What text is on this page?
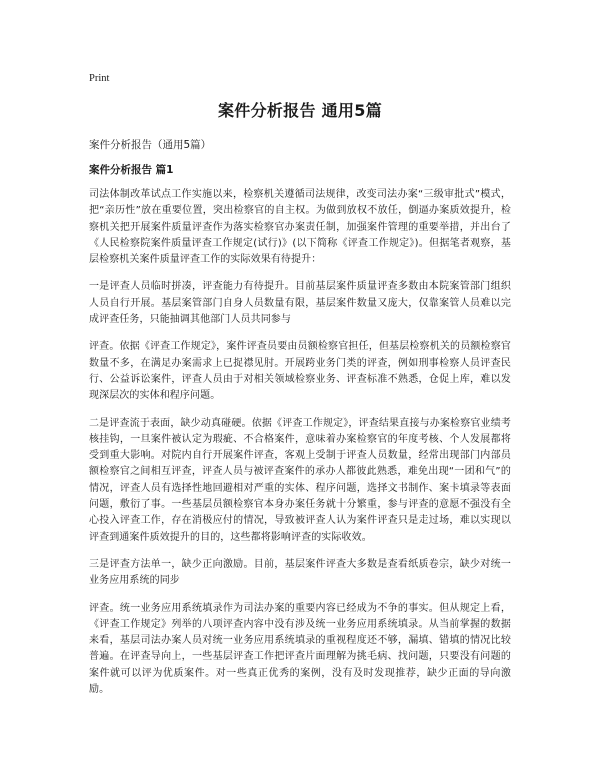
Print
案件分析报告 通用5篇
案件分析报告（通用5篇）
案件分析报告 篇1

司法体制改革试点工作实施以来，检察机关遵循司法规律，改变司法办案“三级审批式”模式，把“亲历性”放在重要位置，突出检察官的自主权。为做到放权不放任，倒逼办案质效提升，检察机关把开展案件质量评查作为落实检察官办案责任制，加强案件管理的重要举措，并出台了《人民检察院案件质量评查工作规定(试行)》(以下简称《评查工作规定》)。但据笔者观察，基层检察机关案件质量评查工作的实际效果有待提升：

一是评查人员临时拼凑，评查能力有待提升。目前基层案件质量评查多数由本院案管部门组织人员自行开展。基层案管部门自身人员数量有限，基层案件数量又庞大，仅靠案管人员难以完成评查任务，只能抽调其他部门人员共同参与

评查。依据《评查工作规定》，案件评查员要由员额检察官担任，但基层检察机关的员额检察官数量不多，在满足办案需求上已捉襟见肘。开展跨业务门类的评查，例如刑事检察人员评查民行、公益诉讼案件，评查人员由于对相关领域检察业务、评查标准不熟悉，仓促上库，难以发现深层次的实体和程序问题。

二是评查流于表面，缺少动真碰硬。依据《评查工作规定》，评查结果直接与办案检察官业绩考核挂钩，一旦案件被认定为瑕疵、不合格案件，意味着办案检察官的年度考核、个人发展都将受到重大影响。对院内自行开展案件评查，客观上受制于评查人员数量，经常出现部门内部员额检察官之间相互评查，评查人员与被评查案件的承办人都彼此熟悉，难免出现“一团和气”的情况，评查人员有选择性地回避相对严重的实体、程序问题，选择文书制作、案卡填录等表面问题，敷衍了事。一些基层员额检察官本身办案任务就十分繁重，参与评查的意愿不强没有全心投入评查工作，存在消极应付的情况，导致被评查人认为案件评查只是走过场，难以实现以评查到通案件质效提升的目的，这些都将影响评查的实际收效。

三是评查方法单一，缺少正向激励。目前，基层案件评查大多数是查看纸质卷宗，缺少对统一业务应用系统的同步

评查。统一业务应用系统填录作为司法办案的重要内容已经成为不争的事实。但从规定上看，《评查工作规定》列举的八项评查内容中没有涉及统一业务应用系统填录。从当前掌握的数据来看，基层司法办案人员对统一业务应用系统填录的重视程度还不够，漏填、错填的情况比较普遍。在评查导向上，一些基层评查工作把评查片面理解为挑毛病、找问题，只要没有问题的案件就可以评为优质案件。对一些真正优秀的案例，没有及时发现推荐，缺少正面的导向激励。
